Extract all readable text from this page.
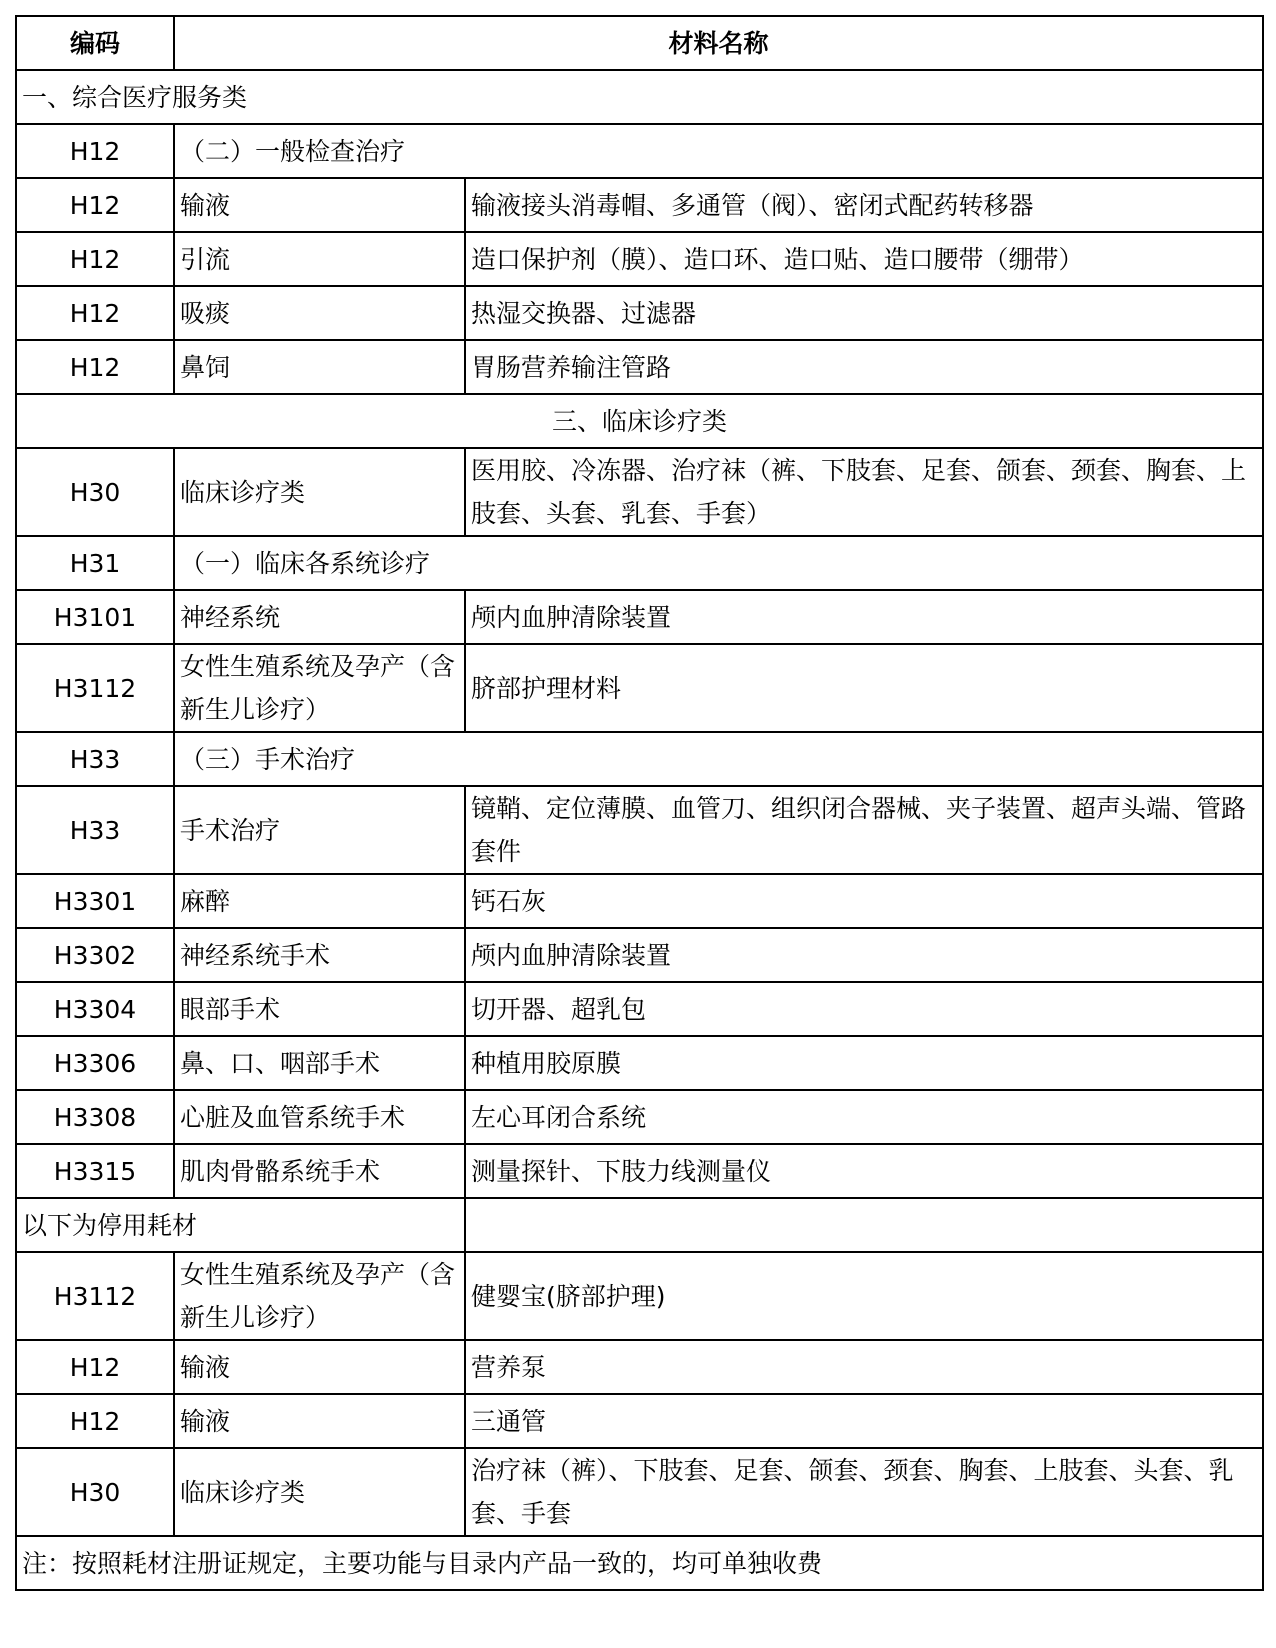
编码	材料名称	
一、综合医疗服务类		
H12	（二）一般检查治疗	
H12	输液	输液接头消毒帽、多通管（阀）、密闭式配药转移器
H12	引流	造口保护剂（膜）、造口环、造口贴、造口腰带（绷带）
H12	吸痰	热湿交换器、过滤器
H12	鼻饲	胃肠营养输注管路
三、临床诊疗类		
H30	临床诊疗类	医用胶、冷冻器、治疗袜（裤、下肢套、足套、颌套、颈套、胸套、上肢套、头套、乳套、手套）
H31	（一）临床各系统诊疗	
H3101	神经系统	颅内血肿清除装置
H3112	女性生殖系统及孕产（含新生儿诊疗）	脐部护理材料
H33	（三）手术治疗	
H33	手术治疗	镜鞘、定位薄膜、血管刀、组织闭合器械、夹子装置、超声头端、管路套件
H3301	麻醉	钙石灰
H3302	神经系统手术	颅内血肿清除装置
H3304	眼部手术	切开器、超乳包
H3306	鼻、口、咽部手术	种植用胶原膜
H3308	心脏及血管系统手术	左心耳闭合系统
H3315	肌肉骨骼系统手术	测量探针、下肢力线测量仪
以下为停用耗材		
H3112	女性生殖系统及孕产（含新生儿诊疗）	健婴宝(脐部护理)
H12	输液	营养泵
H12	输液	三通管
H30	临床诊疗类	治疗袜（裤）、下肢套、足套、颌套、颈套、胸套、上肢套、头套、乳套、手套
注：按照耗材注册证规定，主要功能与目录内产品一致的，均可单独收费		
